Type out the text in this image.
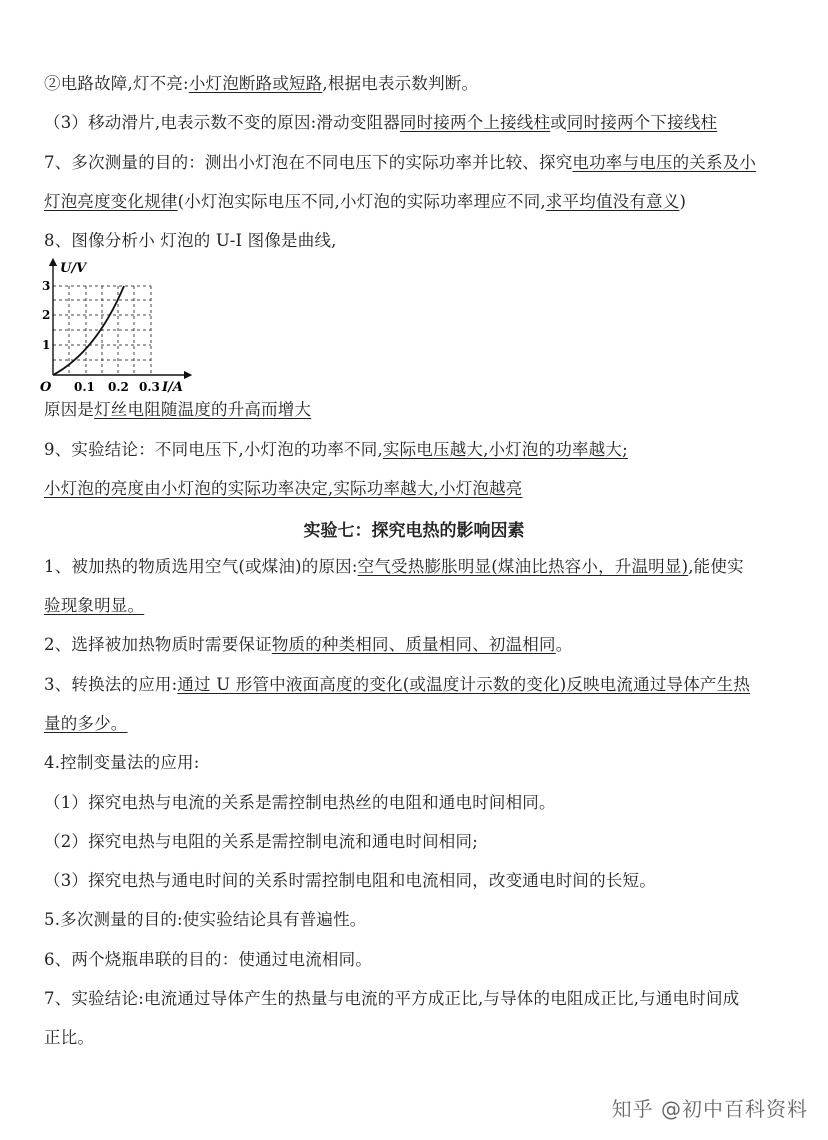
②电路故障,灯不亮:小灯泡断路或短路,根据电表示数判断。
（3）移动滑片,电表示数不变的原因:滑动变阻器同时接两个上接线柱或同时接两个下接线柱
7、多次测量的目的：测出小灯泡在不同电压下的实际功率并比较、探究电功率与电压的关系及小
灯泡亮度变化规律(小灯泡实际电压不同,小灯泡的实际功率理应不同,求平均值没有意义)
8、图像分析小 灯泡的 U-I 图像是曲线,
U/V
O 0.1 0.2 0.3 I/A
1
2
3
原因是灯丝电阻随温度的升高而增大
9、实验结论：不同电压下,小灯泡的功率不同,实际电压越大,小灯泡的功率越大;
小灯泡的亮度由小灯泡的实际功率决定,实际功率越大,小灯泡越亮
实验七：探究电热的影响因素
1、被加热的物质选用空气(或煤油)的原因:空气受热膨胀明显(煤油比热容小，升温明显),能使实
验现象明显。
2、选择被加热物质时需要保证物质的种类相同、质量相同、初温相同。
3、转换法的应用:通过 U 形管中液面高度的变化(或温度计示数的变化)反映电流通过导体产生热
量的多少。
4.控制变量法的应用:
（1）探究电热与电流的关系是需控制电热丝的电阻和通电时间相同。
（2）探究电热与电阻的关系是需控制电流和通电时间相同;
（3）探究电热与通电时间的关系时需控制电阻和电流相同，改变通电时间的长短。
5.多次测量的目的:使实验结论具有普遍性。
6、两个烧瓶串联的目的：使通过电流相同。
7、实验结论:电流通过导体产生的热量与电流的平方成正比,与导体的电阻成正比,与通电时间成
正比。
知乎 @初中百科资料
